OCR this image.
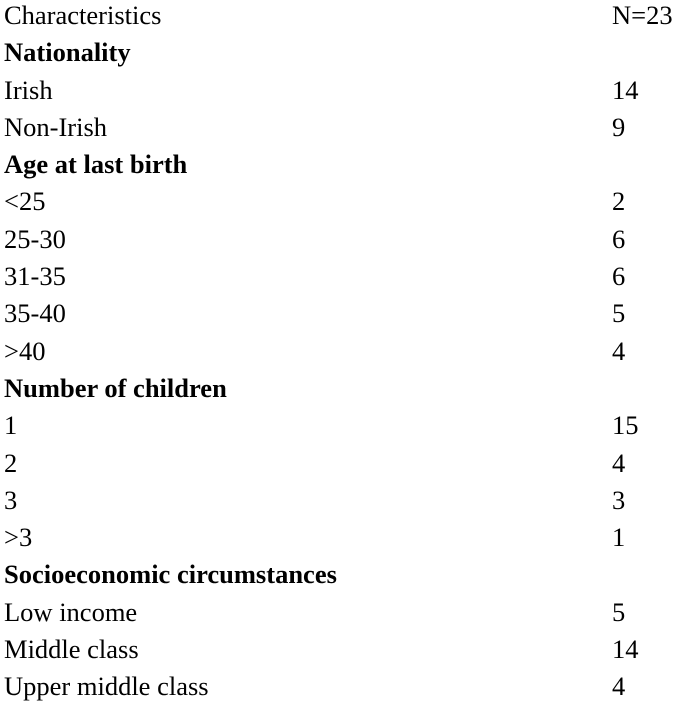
Characteristics	N=23
Nationality
Irish	14
Non-Irish	9
Age at last birth
<25	2
25-30	6
31-35	6
35-40	5
>40	4
Number of children
1	15
2	4
3	3
>3	1
Socioeconomic circumstances
Low income	5
Middle class	14
Upper middle class	4
